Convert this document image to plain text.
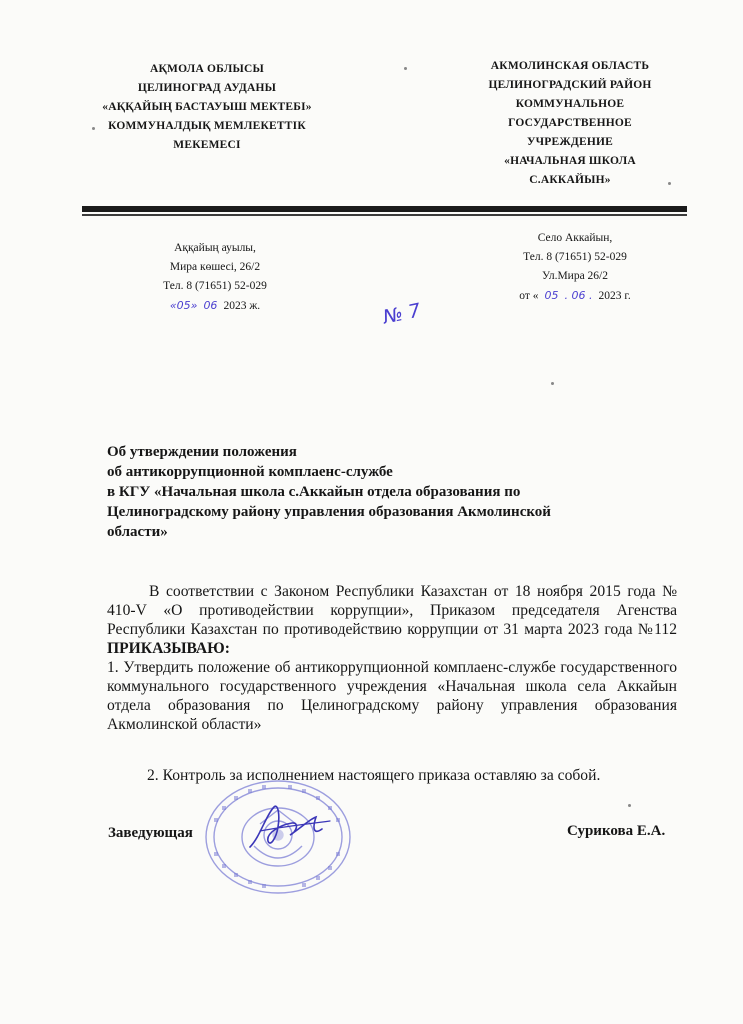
АҚМОЛА ОБЛЫСЫ
ЦЕЛИНОГРАД АУДАНЫ
«АҚҚАЙЫҢ БАСТАУЫШ МЕКТЕБІ»
КОММУНАЛДЫҚ МЕМЛЕКЕТТІК
МЕКЕМЕСІ
АКМОЛИНСКАЯ ОБЛАСТЬ
ЦЕЛИНОГРАДСКИЙ РАЙОН
КОММУНАЛЬНОЕ
ГОСУДАРСТВЕННОЕ
УЧРЕЖДЕНИЕ
«НАЧАЛЬНАЯ ШКОЛА
С.АККАЙЫН»
Аққайың ауылы,
Мира көшесі, 26/2
Тел. 8 (71651) 52-029
«05» 06 2023 ж.
Село Аккайын,
Тел. 8 (71651) 52-029
Ул.Мира 26/2
от « 05 . 06 . 2023 г.
№ 7
Об утверждении положения
об антикоррупционной комплаенс-службе
в КГУ «Начальная школа с.Аккайын отдела образования по
Целиноградскому району управления образования Акмолинской
области»
В соответствии с Законом Республики Казахстан от 18 ноября 2015 года № 410-V «О противодействии коррупции», Приказом председателя Агенства Республики Казахстан по противодействию коррупции от 31 марта 2023 года №112 ПРИКАЗЫВАЮ:
1. Утвердить положение об антикоррупционной комплаенс-службе государственного коммунального государственного учреждения «Начальная школа села Аккайын отдела образования по Целиноградскому району управления образования Акмолинской области»
2. Контроль за исполнением настоящего приказа оставляю за собой.
Заведующая	Сурикова Е.А.
